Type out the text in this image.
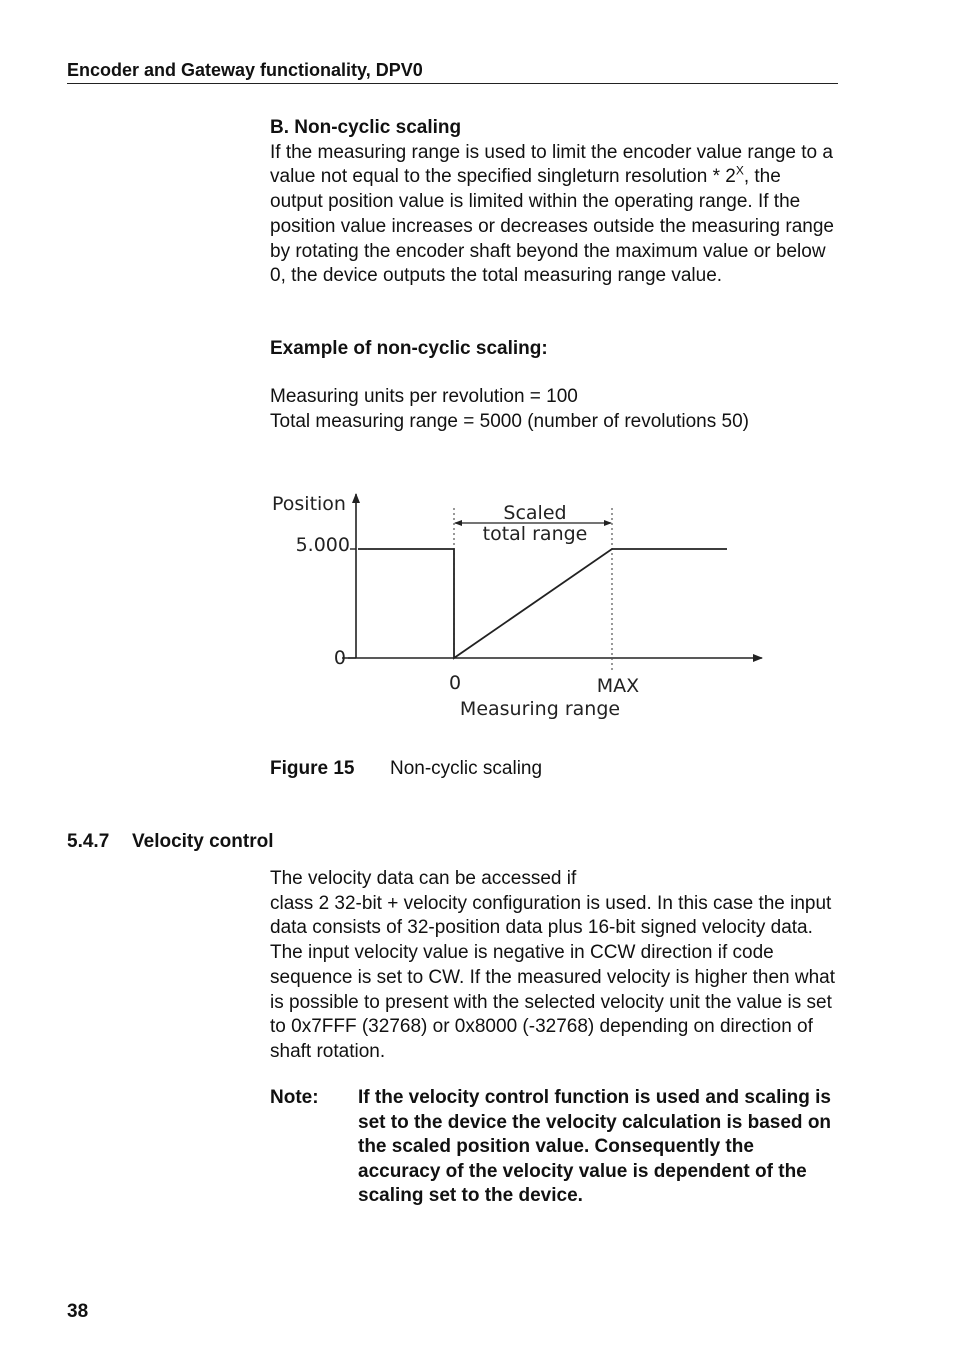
Encoder and Gateway functionality, DPV0
B. Non-cyclic scaling
If the measuring range is used to limit the encoder value range to a value not equal to the specified singleturn resolution * $2^X$, the output position value is limited within the operating range. If the position value increases or decreases outside the measuring range by rotating the encoder shaft beyond the maximum value or below 0, the device outputs the total measuring range value.
Example of non-cyclic scaling:
Measuring units per revolution = 100
Total measuring range = 5000 (number of revolutions 50)
Position
5.000
0
0	MAX
Measuring range
Scaled
total range
Figure 15 Non-cyclic scaling
5.4.7 Velocity control
The velocity data can be accessed if
class 2 32-bit + velocity configuration is used. In this case the input data consists of 32-position data plus 16-bit signed velocity data. The input velocity value is negative in CCW direction if code sequence is set to CW. If the measured velocity is higher then what is possible to present with the selected velocity unit the value is set to 0x7FFF (32768) or 0x8000 (-32768) depending on direction of shaft rotation.
Note: If the velocity control function is used and scaling is set to the device the velocity calculation is based on the scaled position value. Consequently the accuracy of the velocity value is dependent of the scaling set to the device.
38
